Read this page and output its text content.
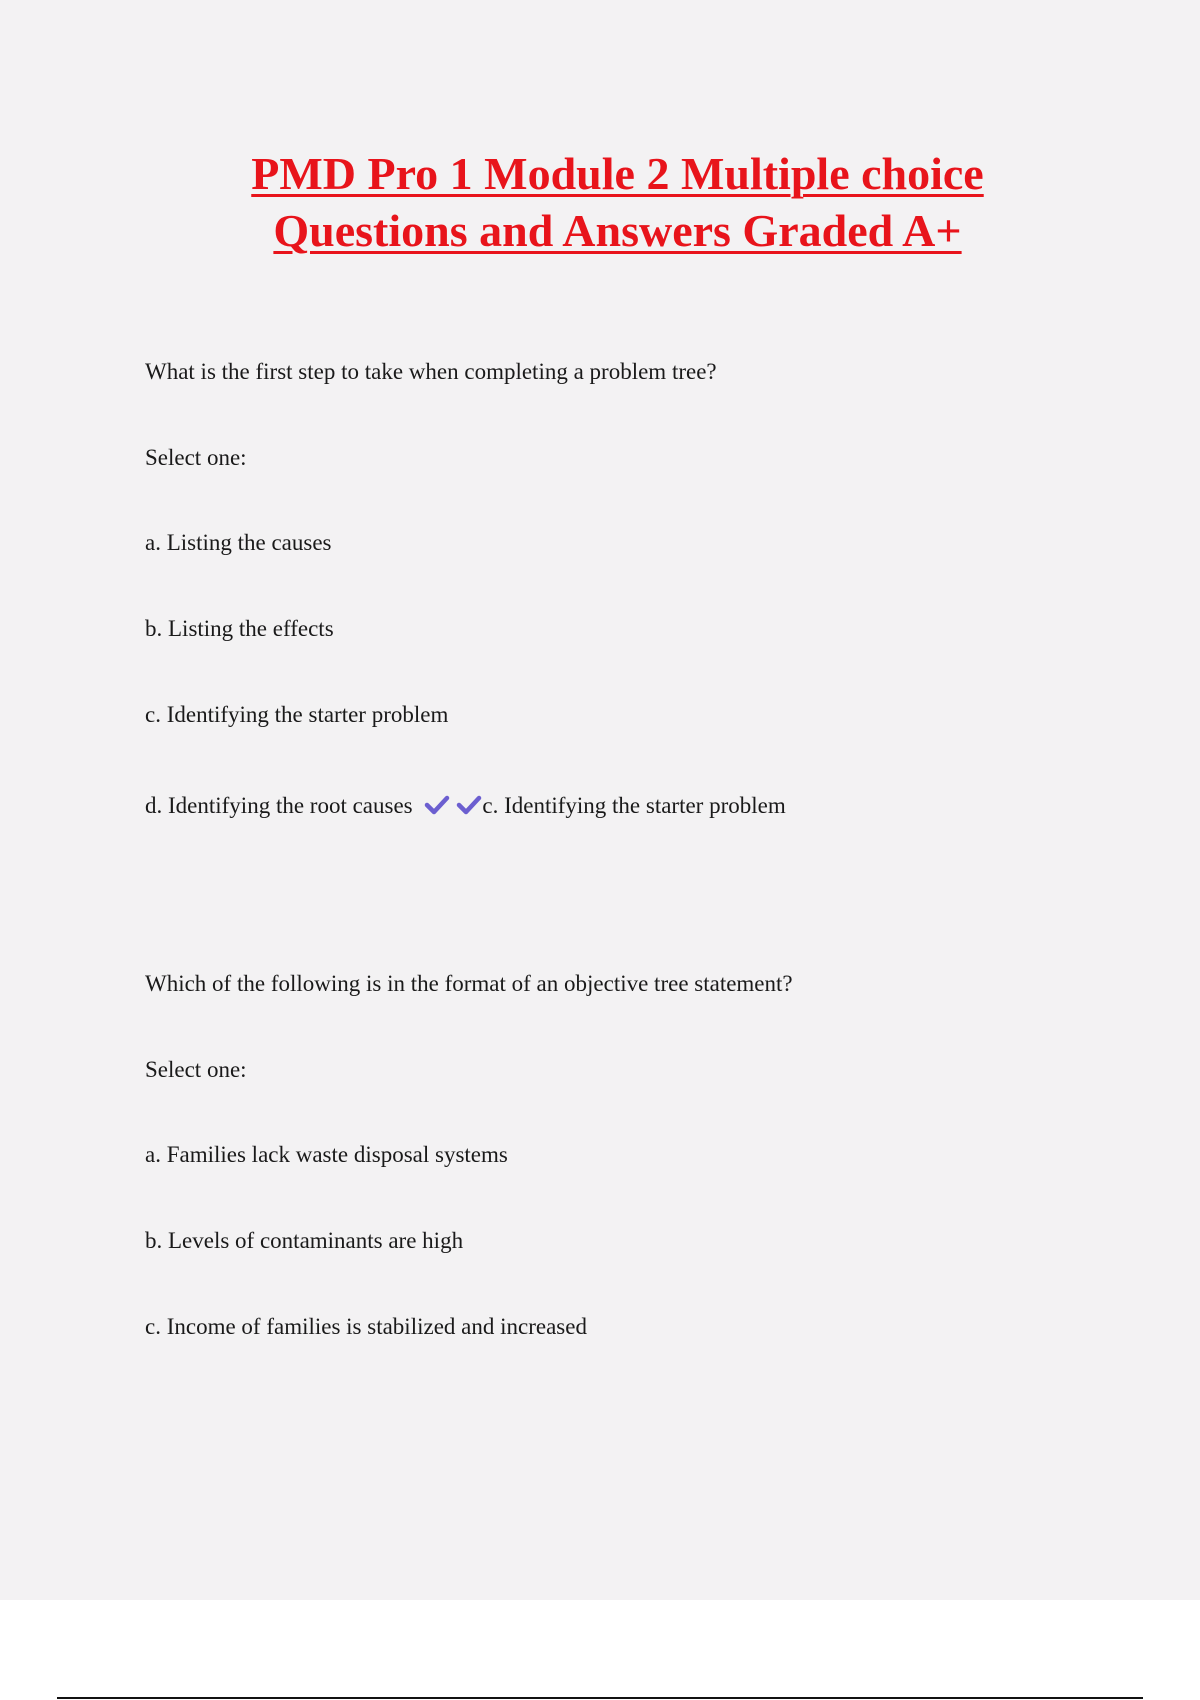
PMD Pro 1 Module 2 Multiple choice
Questions and Answers Graded A+
What is the first step to take when completing a problem tree?
Select one:
a. Listing the causes
b. Listing the effects
c. Identifying the starter problem
d. Identifying the root causes	c. Identifying the starter problem
Which of the following is in the format of an objective tree statement?
Select one:
a. Families lack waste disposal systems
b. Levels of contaminants are high
c. Income of families is stabilized and increased
